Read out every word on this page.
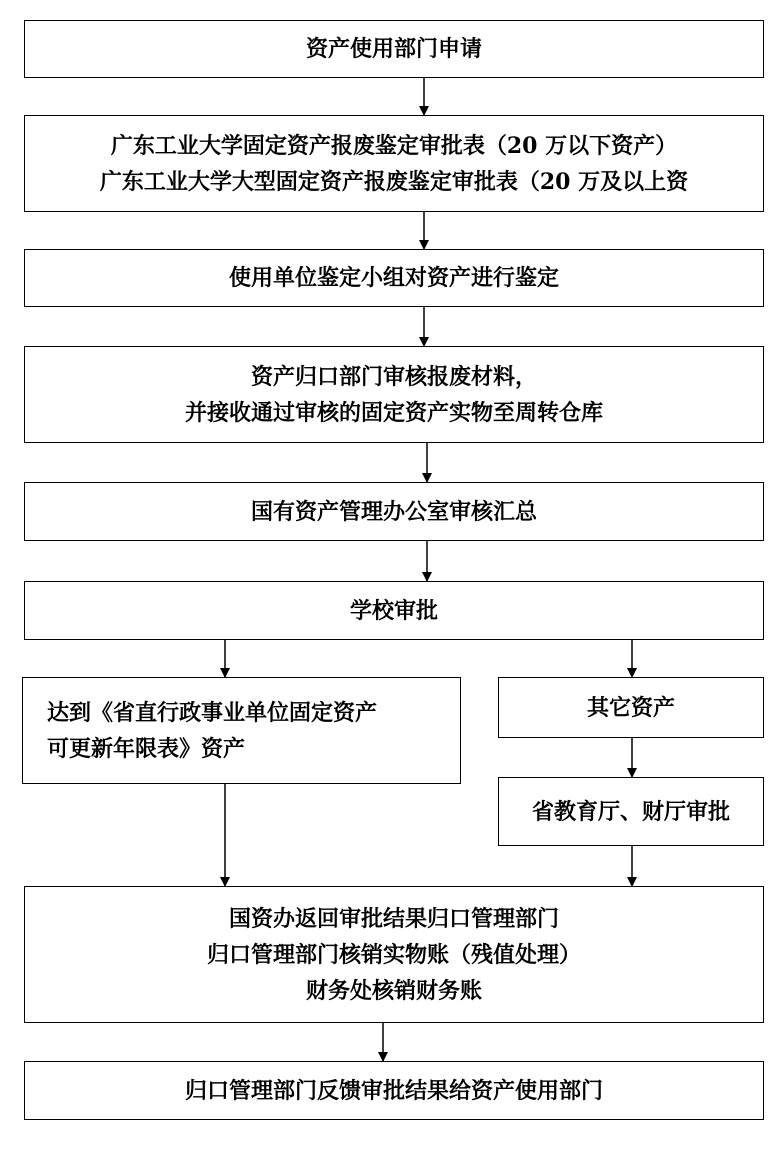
资产使用部门申请
广东工业大学固定资产报废鉴定审批表（20 万以下资产）
广东工业大学大型固定资产报废鉴定审批表（20 万及以上资
使用单位鉴定小组对资产进行鉴定
资产归口部门审核报废材料，
并接收通过审核的固定资产实物至周转仓库
国有资产管理办公室审核汇总
学校审批
达到《省直行政事业单位固定资产
可更新年限表》资产
其它资产
省教育厅、财厅审批
国资办返回审批结果归口管理部门
归口管理部门核销实物账（残值处理）
财务处核销财务账
归口管理部门反馈审批结果给资产使用部门
